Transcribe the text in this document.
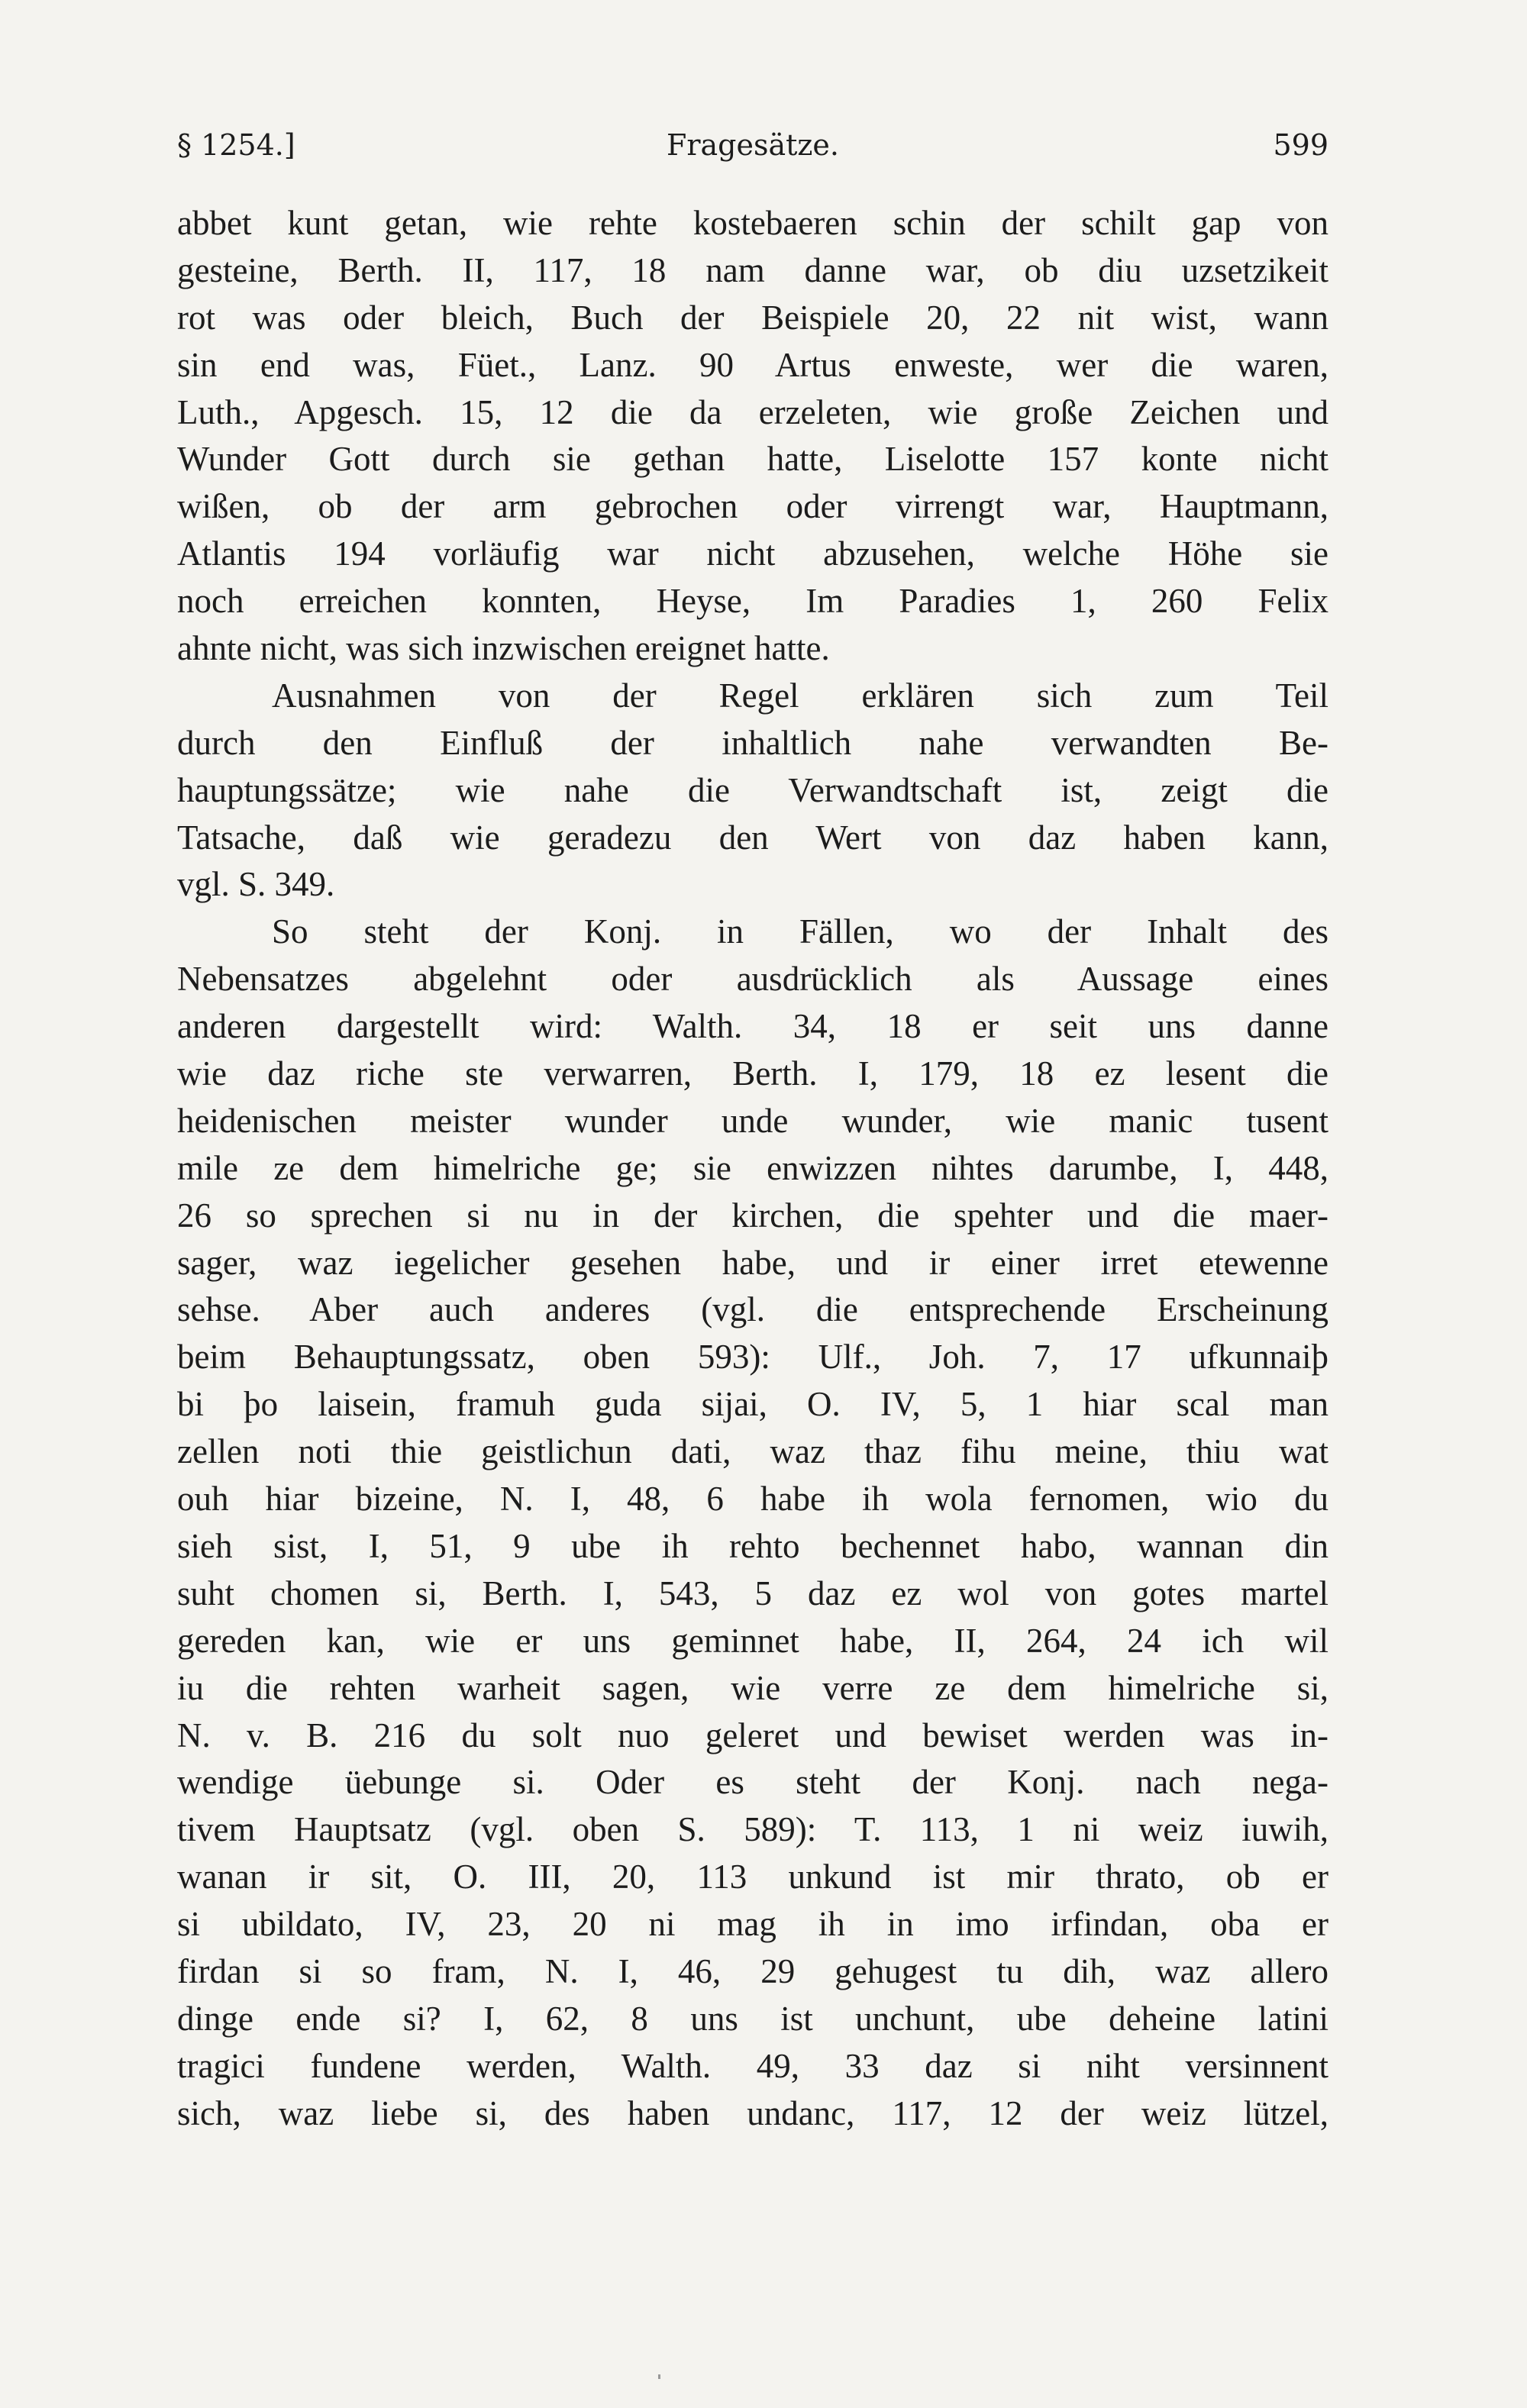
§ 1254.]	Fragesätze.	599
abbet kunt getan, wie rehte kostebaeren schin der schilt gap von
gesteine, Berth. II, 117, 18 nam danne war, ob diu uzsetzikeit
rot was oder bleich, Buch der Beispiele 20, 22 nit wist, wann
sin end was, Füet., Lanz. 90 Artus enweste, wer die waren,
Luth., Apgesch. 15, 12 die da erzeleten, wie große Zeichen und
Wunder Gott durch sie gethan hatte, Liselotte 157 konte nicht
wißen, ob der arm gebrochen oder virrengt war, Hauptmann,
Atlantis 194 vorläufig war nicht abzusehen, welche Höhe sie
noch erreichen konnten, Heyse, Im Paradies 1, 260 Felix
ahnte nicht, was sich inzwischen ereignet hatte.
Ausnahmen von der Regel erklären sich zum Teil
durch den Einfluß der inhaltlich nahe verwandten Be-
hauptungssätze; wie nahe die Verwandtschaft ist, zeigt die
Tatsache, daß wie geradezu den Wert von daz haben kann,
vgl. S. 349.
So steht der Konj. in Fällen, wo der Inhalt des
Nebensatzes abgelehnt oder ausdrücklich als Aussage eines
anderen dargestellt wird: Walth. 34, 18 er seit uns danne
wie daz riche ste verwarren, Berth. I, 179, 18 ez lesent die
heidenischen meister wunder unde wunder, wie manic tusent
mile ze dem himelriche ge; sie enwizzen nihtes darumbe, I, 448,
26 so sprechen si nu in der kirchen, die spehter und die maer-
sager, waz iegelicher gesehen habe, und ir einer irret etewenne
sehse. Aber auch anderes (vgl. die entsprechende Erscheinung
beim Behauptungssatz, oben 593): Ulf., Joh. 7, 17 ufkunnaiþ
bi þo laisein, framuh guda sijai, O. IV, 5, 1 hiar scal man
zellen noti thie geistlichun dati, waz thaz fihu meine, thiu wat
ouh hiar bizeine, N. I, 48, 6 habe ih wola fernomen, wio du
sieh sist, I, 51, 9 ube ih rehto bechennet habo, wannan din
suht chomen si, Berth. I, 543, 5 daz ez wol von gotes martel
gereden kan, wie er uns geminnet habe, II, 264, 24 ich wil
iu die rehten warheit sagen, wie verre ze dem himelriche si,
N. v. B. 216 du solt nuo geleret und bewiset werden was in-
wendige üebunge si. Oder es steht der Konj. nach nega-
tivem Hauptsatz (vgl. oben S. 589): T. 113, 1 ni weiz iuwih,
wanan ir sit, O. III, 20, 113 unkund ist mir thrato, ob er
si ubildato, IV, 23, 20 ni mag ih in imo irfindan, oba er
firdan si so fram, N. I, 46, 29 gehugest tu dih, waz allero
dinge ende si? I, 62, 8 uns ist unchunt, ube deheine latini
tragici fundene werden, Walth. 49, 33 daz si niht versinnent
sich, waz liebe si, des haben undanc, 117, 12 der weiz lützel,
